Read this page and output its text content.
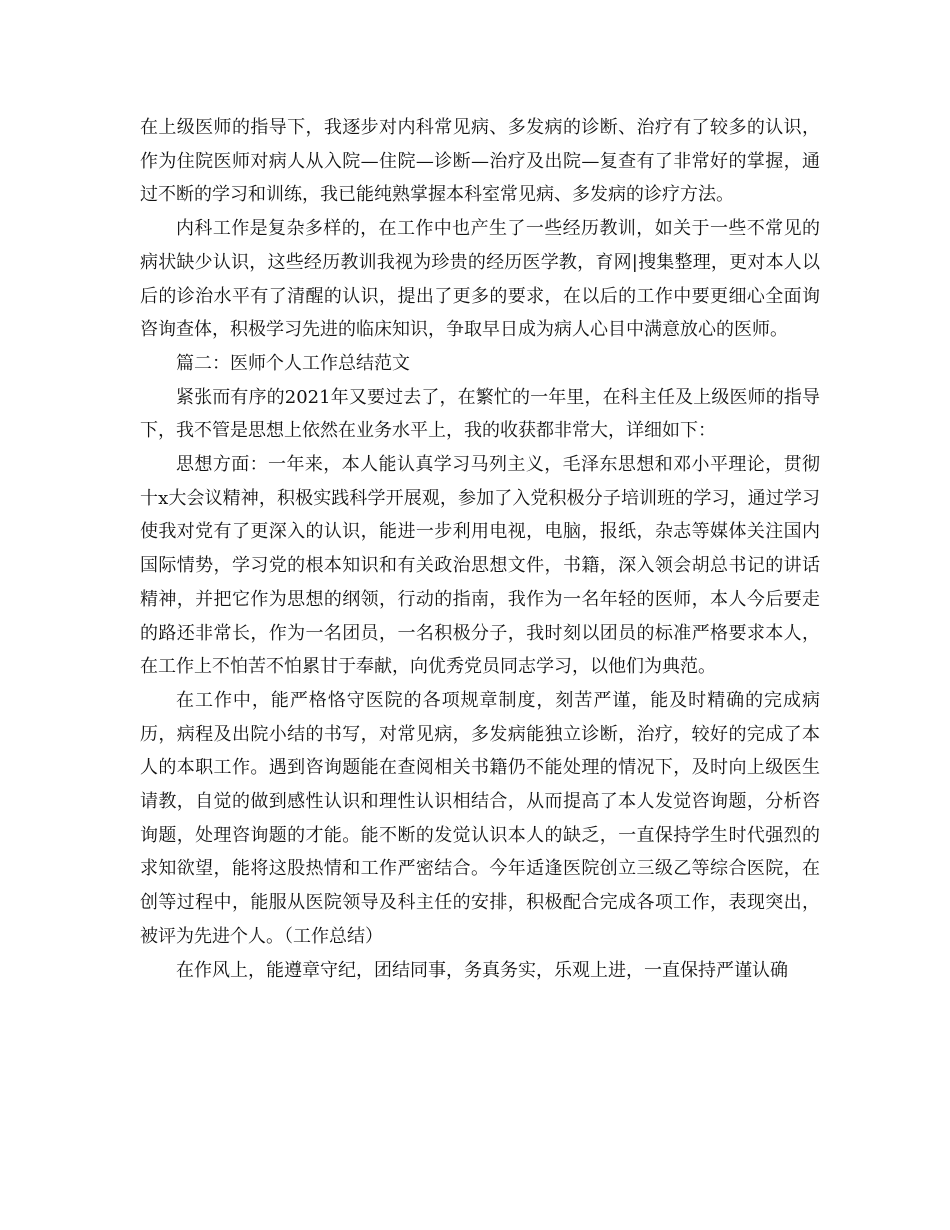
在上级医师的指导下，我逐步对内科常见病、多发病的诊断、治疗有了较多的认识，作为住院医师对病人从入院—住院—诊断—治疗及出院—复查有了非常好的掌握，通过不断的学习和训练，我已能纯熟掌握本科室常见病、多发病的诊疗方法。

内科工作是复杂多样的，在工作中也产生了一些经历教训，如关于一些不常见的病状缺少认识，这些经历教训我视为珍贵的经历医学教，育网|搜集整理，更对本人以后的诊治水平有了清醒的认识，提出了更多的要求，在以后的工作中要更细心全面询咨询查体，积极学习先进的临床知识，争取早日成为病人心目中满意放心的医师。

篇二：医师个人工作总结范文

紧张而有序的2021年又要过去了，在繁忙的一年里，在科主任及上级医师的指导下，我不管是思想上依然在业务水平上，我的收获都非常大，详细如下：

思想方面：一年来，本人能认真学习马列主义，毛泽东思想和邓小平理论，贯彻十x大会议精神，积极实践科学开展观，参加了入党积极分子培训班的学习，通过学习使我对党有了更深入的认识，能进一步利用电视，电脑，报纸，杂志等媒体关注国内国际情势，学习党的根本知识和有关政治思想文件，书籍，深入领会胡总书记的讲话精神，并把它作为思想的纲领，行动的指南，我作为一名年轻的医师，本人今后要走的路还非常长，作为一名团员，一名积极分子，我时刻以团员的标准严格要求本人，在工作上不怕苦不怕累甘于奉献，向优秀党员同志学习，以他们为典范。

在工作中，能严格恪守医院的各项规章制度，刻苦严谨，能及时精确的完成病历，病程及出院小结的书写，对常见病，多发病能独立诊断，治疗，较好的完成了本人的本职工作。遇到咨询题能在查阅相关书籍仍不能处理的情况下，及时向上级医生请教，自觉的做到感性认识和理性认识相结合，从而提高了本人发觉咨询题，分析咨询题，处理咨询题的才能。能不断的发觉认识本人的缺乏，一直保持学生时代强烈的求知欲望，能将这股热情和工作严密结合。今年适逢医院创立三级乙等综合医院，在创等过程中，能服从医院领导及科主任的安排，积极配合完成各项工作，表现突出，被评为先进个人。（工作总结）

在作风上，能遵章守纪，团结同事，务真务实，乐观上进，一直保持严谨认确
